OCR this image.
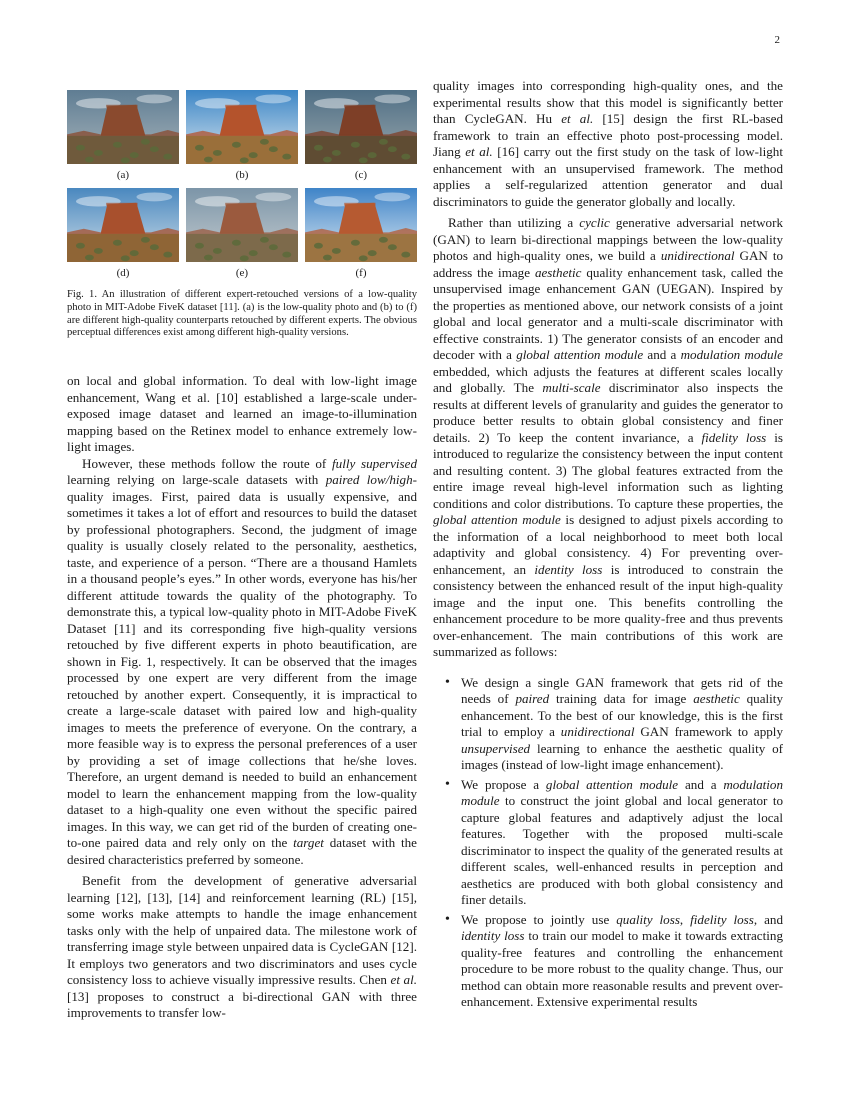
2
(a)	(b)	(c)
(d)	(e)	(f)
Fig. 1. An illustration of different expert-retouched versions of a low-quality photo in MIT-Adobe FiveK dataset [11]. (a) is the low-quality photo and (b) to (f) are different high-quality counterparts retouched by different experts. The obvious perceptual differences exist among different high-quality versions.

on local and global information. To deal with low-light image enhancement, Wang et al. [10] established a large-scale under-exposed image dataset and learned an image-to-illumination mapping based on the Retinex model to enhance extremely low-light images.

However, these methods follow the route of fully supervised learning relying on large-scale datasets with paired low/high-quality images. First, paired data is usually expensive, and sometimes it takes a lot of effort and resources to build the dataset by professional photographers. Second, the judgment of image quality is usually closely related to the personality, aesthetics, taste, and experience of a person. “There are a thousand Hamlets in a thousand people’s eyes.” In other words, everyone has his/her different attitude towards the quality of the photography. To demonstrate this, a typical low-quality photo in MIT-Adobe FiveK Dataset [11] and its corresponding five high-quality versions retouched by five different experts in photo beautification, are shown in Fig. 1, respectively. It can be observed that the images processed by one expert are very different from the image retouched by another expert. Consequently, it is impractical to create a large-scale dataset with paired low and high-quality images to meets the preference of everyone. On the contrary, a more feasible way is to express the personal preferences of a user by providing a set of image collections that he/she loves. Therefore, an urgent demand is needed to build an enhancement model to learn the enhancement mapping from the low-quality dataset to a high-quality one even without the specific paired images. In this way, we can get rid of the burden of creating one-to-one paired data and rely only on the target dataset with the desired characteristics preferred by someone.

Benefit from the development of generative adversarial learning [12], [13], [14] and reinforcement learning (RL) [15], some works make attempts to handle the image enhancement tasks only with the help of unpaired data. The milestone work of transferring image style between unpaired data is CycleGAN [12]. It employs two generators and two discriminators and uses cycle consistency loss to achieve visually impressive results. Chen et al. [13] proposes to construct a bi-directional GAN with three improvements to transfer low-

quality images into corresponding high-quality ones, and the experimental results show that this model is significantly better than CycleGAN. Hu et al. [15] design the first RL-based framework to train an effective photo post-processing model. Jiang et al. [16] carry out the first study on the task of low-light enhancement with an unsupervised framework. The method applies a self-regularized attention generator and dual discriminators to guide the generator globally and locally.

Rather than utilizing a cyclic generative adversarial network (GAN) to learn bi-directional mappings between the low-quality photos and high-quality ones, we build a unidirectional GAN to address the image aesthetic quality enhancement task, called the unsupervised image enhancement GAN (UEGAN). Inspired by the properties as mentioned above, our network consists of a joint global and local generator and a multi-scale discriminator with effective constraints. 1) The generator consists of an encoder and decoder with a global attention module and a modulation module embedded, which adjusts the features at different scales locally and globally. The multi-scale discriminator also inspects the results at different levels of granularity and guides the generator to produce better results to obtain global consistency and finer details. 2) To keep the content invariance, a fidelity loss is introduced to regularize the consistency between the input content and resulting content. 3) The global features extracted from the entire image reveal high-level information such as lighting conditions and color distributions. To capture these properties, the global attention module is designed to adjust pixels according to the information of a local neighborhood to meet both local adaptivity and global consistency. 4) For preventing over-enhancement, an identity loss is introduced to constrain the consistency between the enhanced result of the input high-quality image and the input one. This benefits controlling the enhancement procedure to be more quality-free and thus prevents over-enhancement. The main contributions of this work are summarized as follows:

• We design a single GAN framework that gets rid of the needs of paired training data for image aesthetic quality enhancement. To the best of our knowledge, this is the first trial to employ a unidirectional GAN framework to apply unsupervised learning to enhance the aesthetic quality of images (instead of low-light image enhancement).
• We propose a global attention module and a modulation module to construct the joint global and local generator to capture global features and adaptively adjust the local features. Together with the proposed multi-scale discriminator to inspect the quality of the generated results at different scales, well-enhanced results in perception and aesthetics are produced with both global consistency and finer details.
• We propose to jointly use quality loss, fidelity loss, and identity loss to train our model to make it towards extracting quality-free features and controlling the enhancement procedure to be more robust to the quality change. Thus, our method can obtain more reasonable results and prevent over-enhancement. Extensive experimental results
